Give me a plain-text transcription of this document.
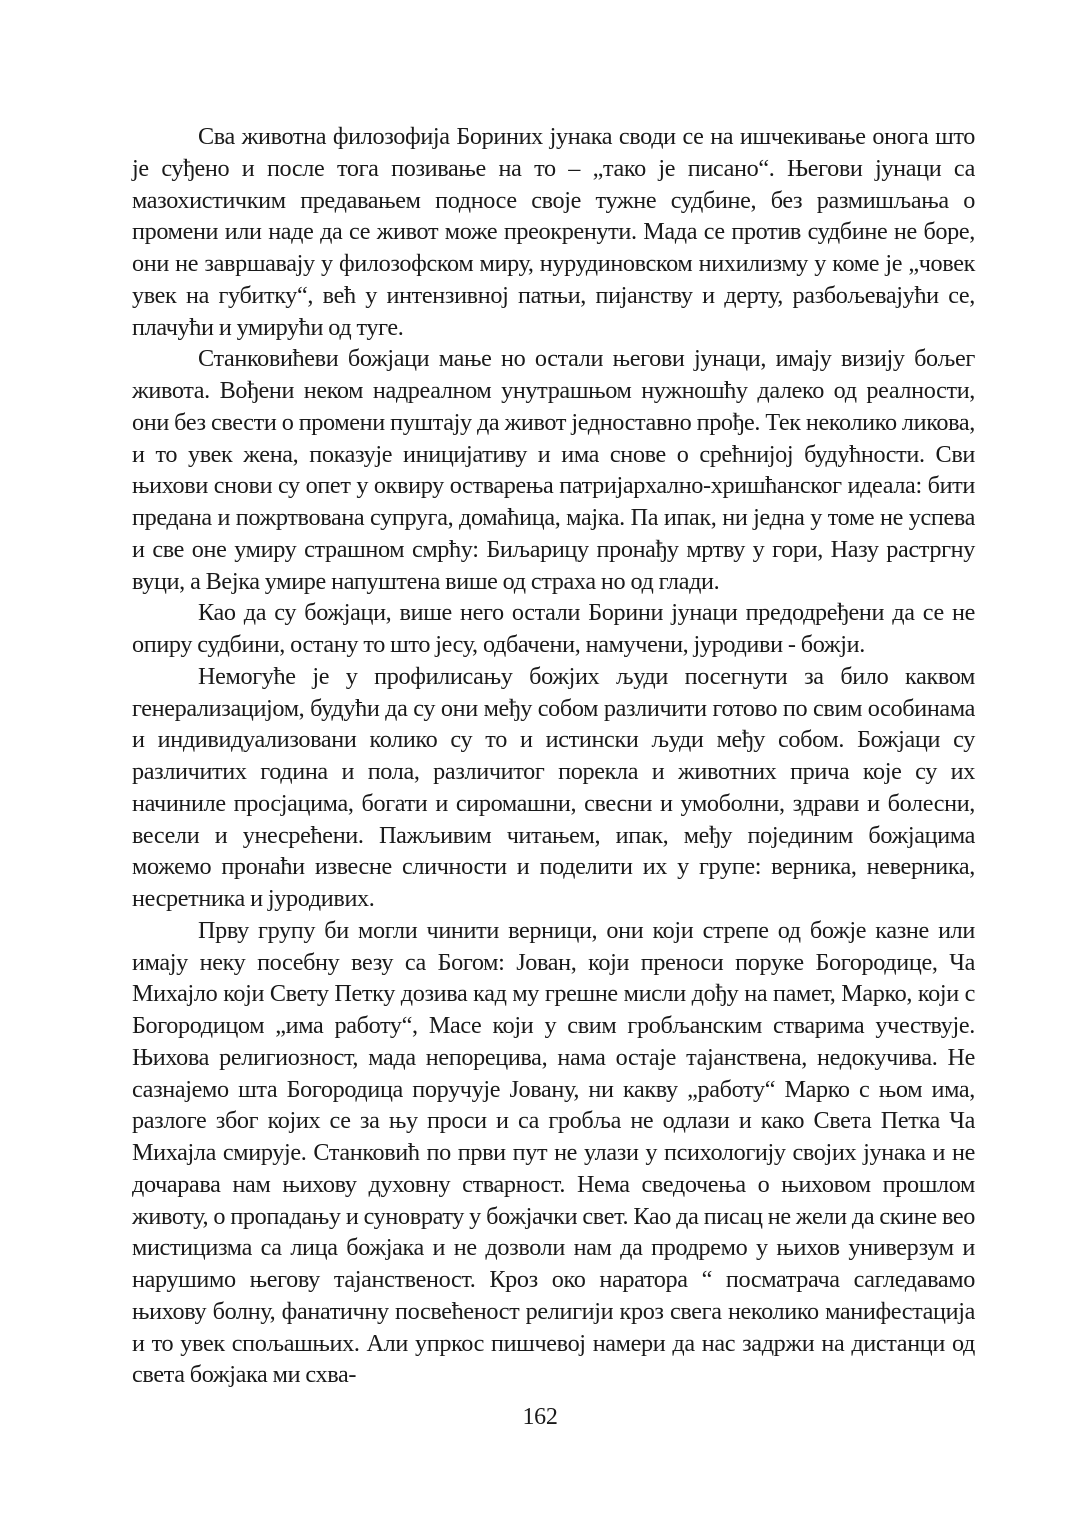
Сва животна филозофија Бориних јунака своди се на ишчекивање онога што је суђено и после тога позивање на то – „тако је писано“. Његови јунаци са мазохистичким предавањем подносе своје тужне судбине, без размишљања о промени или наде да се живот може преокренути. Мада се против судбине не боре, они не завршавају у филозофском миру, нурудиновском нихилизму у коме је „човек увек на губитку“, већ у интензивној патњи, пијанству и дерту, разбољевајући се, плачући и умирући од туге.

Станковићеви божјаци мање но остали његови јунаци, имају визију бољег живота. Вођени неком надреалном унутрашњом нужношћу далеко од реалности, они без свести о промени пуштају да живот једноставно прође. Тек неколико ликова, и то увек жена, показује иницијативу и има снове о срећнијој будућности. Сви њихови снови су опет у оквиру остварења патријархално-хришћанског идеала: бити предана и пожртвована супруга, домаћица, мајка. Па ипак, ни једна у томе не успева и све оне умиру страшном смрћу: Биљарицу пронађу мртву у гори, Назу растргну вуци, а Вејка умире напуштена више од страха но од глади.

Као да су божјаци, више него остали Борини јунаци предодређени да се не опиру судбини, остану то што јесу, одбачени, намучени, јуродиви - божји.

Немогуће је у профилисању божјих људи посегнути за било каквом генерализацијом, будући да су они међу собом различити готово по свим особинама и индивидуализовани колико су то и истински људи међу собом. Божјаци су различитих година и пола, различитог порекла и животних прича које су их начиниле просјацима, богати и сиромашни, свесни и умоболни, здрави и болесни, весели и унесрећени. Пажљивим читањем, ипак, међу појединим божјацима можемо пронаћи извесне сличности и поделити их у групе: верника, неверника, несретника и јуродивих.

Прву групу би могли чинити верници, они који стрепе од божје казне или имају неку посебну везу са Богом: Јован, који преноси поруке Богородице, Ча Михајло који Свету Петку дозива кад му грешне мисли дођу на памет, Марко, који с Богородицом „има работу“, Масе који у свим гробљанским стварима учествује. Њихова религиозност, мада непорецива, нама остаје тајанствена, недокучива. Не сазнајемо шта Богородица поручује Јовану, ни какву „работу“ Марко с њом има, разлоге због којих се за њу проси и са гробља не одлази и како Света Петка Ча Михајла смирује. Станковић по први пут не улази у психологију својих јунака и не дочарава нам њихову духовну стварност. Нема сведочења о њиховом прошлом животу, о пропадању и суноврату у божјачки свет. Као да писац не жели да скине вео мистицизма са лица божјака и не дозволи нам да продремо у њихов универзум и нарушимо његову тајанственост. Кроз око наратора “ посматрача сагледавамо њихову болну, фанатичну посвећеност религији кроз свега неколико манифестација и то увек спољашњих. Али упркос пишчевој намери да нас задржи на дистанци од света божјака ми схва-

162
